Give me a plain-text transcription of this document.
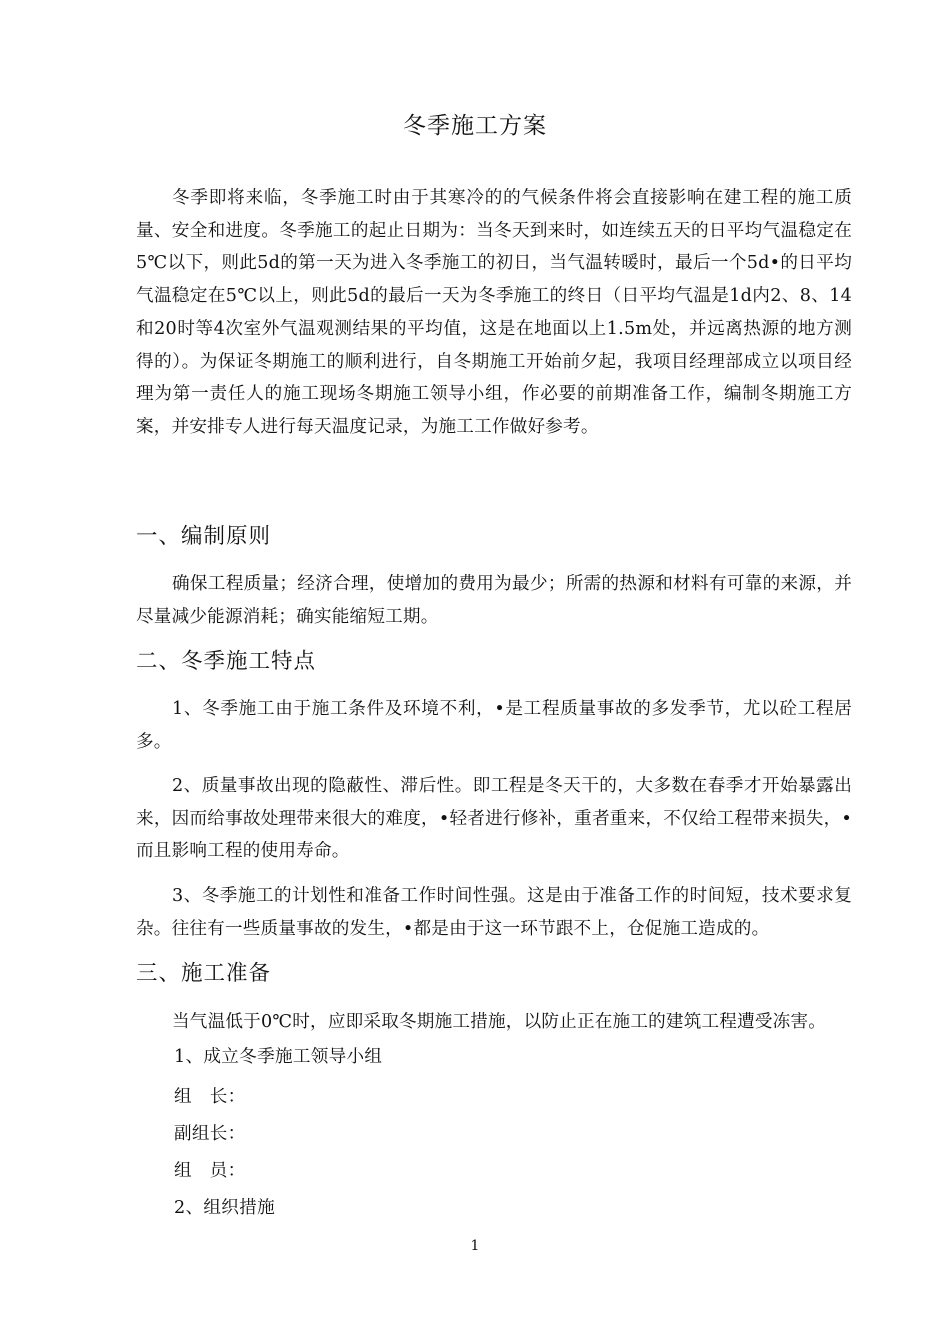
冬季施工方案

冬季即将来临，冬季施工时由于其寒冷的的气候条件将会直接影响在建工程的施工质量、安全和进度。冬季施工的起止日期为：当冬天到来时，如连续五天的日平均气温稳定在5℃以下，则此5d的第一天为进入冬季施工的初日，当气温转暖时，最后一个5d•的日平均气温稳定在5℃以上，则此5d的最后一天为冬季施工的终日（日平均气温是1d内2、8、14和20时等4次室外气温观测结果的平均值，这是在地面以上1.5m处，并远离热源的地方测得的）。为保证冬期施工的顺利进行，自冬期施工开始前夕起，我项目经理部成立以项目经理为第一责任人的施工现场冬期施工领导小组，作必要的前期准备工作，编制冬期施工方案，并安排专人进行每天温度记录，为施工工作做好参考。

一、编制原则

确保工程质量；经济合理，使增加的费用为最少；所需的热源和材料有可靠的来源，并尽量减少能源消耗；确实能缩短工期。

二、冬季施工特点

1、冬季施工由于施工条件及环境不利，•是工程质量事故的多发季节，尤以砼工程居多。

2、质量事故出现的隐蔽性、滞后性。即工程是冬天干的，大多数在春季才开始暴露出来，因而给事故处理带来很大的难度，•轻者进行修补，重者重来，不仅给工程带来损失，•而且影响工程的使用寿命。

3、冬季施工的计划性和准备工作时间性强。这是由于准备工作的时间短，技术要求复杂。往往有一些质量事故的发生，•都是由于这一环节跟不上，仓促施工造成的。

三、施工准备

当气温低于0℃时，应即采取冬期施工措施，以防止正在施工的建筑工程遭受冻害。

1、成立冬季施工领导小组
组　长：
副组长：
组　员：
2、组织措施
1
